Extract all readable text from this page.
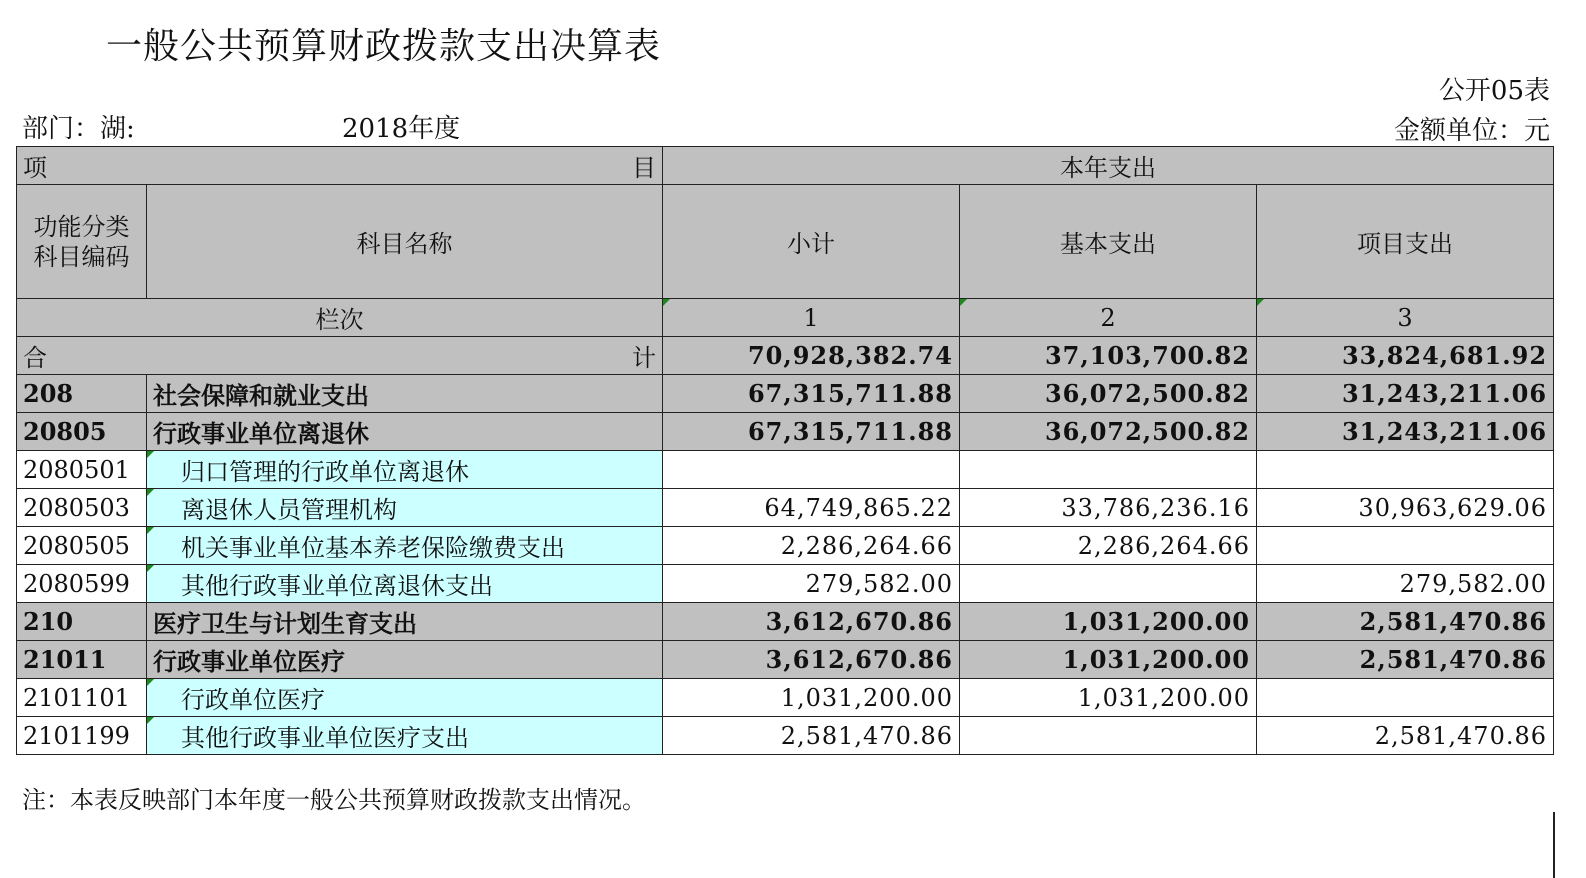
一般公共预算财政拨款支出决算表
公开05表
部门：湖:	2018年度	金额单位：元
项 目		本年支出		
功能分类科目编码	科目名称	小计	基本支出	项目支出
栏次		1	2	3

合 计		70,928,382.74	37,103,700.82	33,824,681.92
208	社会保障和就业支出	67,315,711.88	36,072,500.82	31,243,211.06
20805	行政事业单位离退休	67,315,711.88	36,072,500.82	31,243,211.06
2080501	归口管理的行政单位离退休			
2080503	离退休人员管理机构	64,749,865.22	33,786,236.16	30,963,629.06
2080505	机关事业单位基本养老保险缴费支出	2,286,264.66	2,286,264.66	
2080599	其他行政事业单位离退休支出	279,582.00		279,582.00
210	医疗卫生与计划生育支出	3,612,670.86	1,031,200.00	2,581,470.86
21011	行政事业单位医疗	3,612,670.86	1,031,200.00	2,581,470.86
2101101	行政单位医疗	1,031,200.00	1,031,200.00	
2101199	其他行政事业单位医疗支出	2,581,470.86		2,581,470.86
注：本表反映部门本年度一般公共预算财政拨款支出情况。
